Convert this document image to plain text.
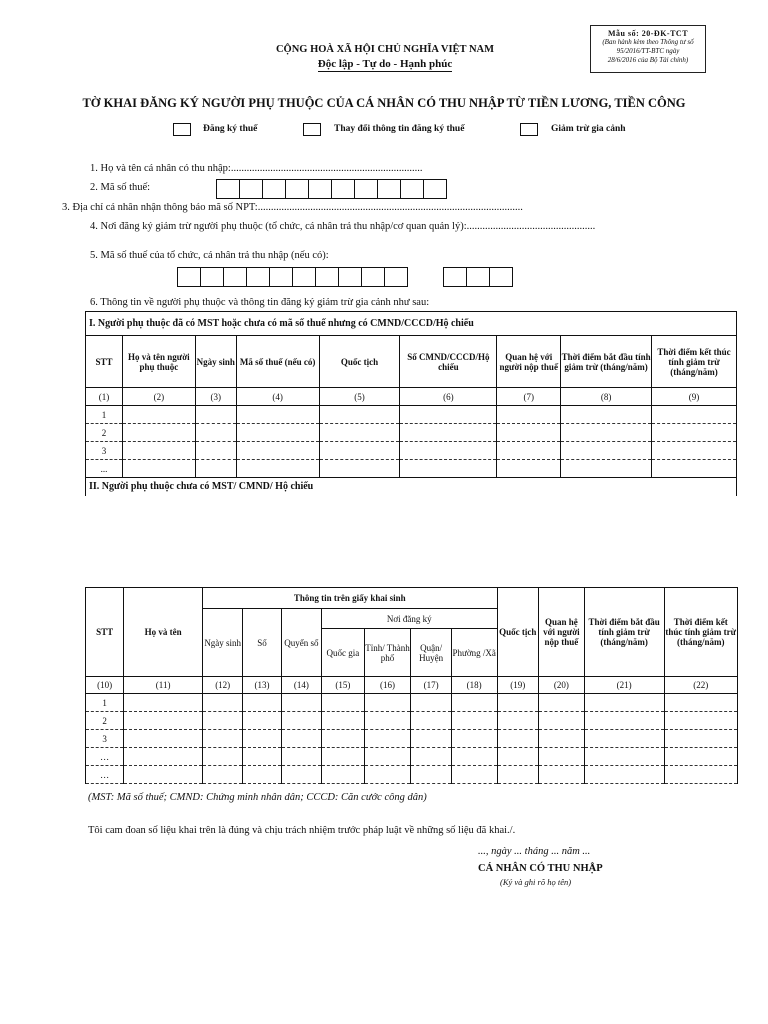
Mẫu số: 20-ĐK-TCT
(Ban hành kèm theo Thông tư số
95/2016/TT-BTC ngày
28/6/2016 của Bộ Tài chính)
CỘNG HOÀ XÃ HỘI CHỦ NGHĨA VIỆT NAM
Độc lập - Tự do - Hạnh phúc
TỜ KHAI ĐĂNG KÝ NGƯỜI PHỤ THUỘC CỦA CÁ NHÂN CÓ THU NHẬP TỪ TIỀN LƯƠNG, TIỀN CÔNG
Đăng ký thuế	Thay đổi thông tin đăng ký thuế	Giảm trừ gia cảnh
1. Họ và tên cá nhân có thu nhập:.........................................................................
2. Mã số thuế:
3. Địa chỉ cá nhân nhận thông báo mã số NPT:.....................................................................................................
4. Nơi đăng ký giảm trừ người phụ thuộc (tổ chức, cá nhân trả thu nhập/cơ quan quản lý):.................................................
5. Mã số thuế của tổ chức, cá nhân trả thu nhập (nếu có):
6. Thông tin về người phụ thuộc và thông tin đăng ký giảm trừ gia cảnh như sau:
I. Người phụ thuộc đã có MST hoặc chưa có mã số thuế nhưng có CMND/CCCD/Hộ chiếu								
STT	Họ và tên người phụ thuộc	Ngày sinh	Mã số thuế (nếu có)	Quốc tịch	Số CMND/CCCD/Hộ chiếu	Quan hệ với người nộp thuế	Thời điểm bắt đầu tính giảm trừ (tháng/năm)	Thời điểm kết thúc tính giảm trừ (tháng/năm)
(1)	(2)	(3)	(4)	(5)	(6)	(7)	(8)	(9)
1								
2								
3								
...								
II. Người phụ thuộc chưa có MST/ CMND/ Hộ chiếu								
STT	Họ và tên	Thông tin trên giấy khai sinh							Quốc tịch	Quan hệ với người nộp thuế	Thời điểm bắt đầu tính giảm trừ (tháng/năm)	Thời điểm kết thúc tính giảm trừ (tháng/năm)
		Ngày sinh	Số	Quyển số	Nơi đăng ký							
					Quốc gia	Tỉnh/ Thành phố	Quận/ Huyện	Phường /Xã				
(10)	(11)	(12)	(13)	(14)	(15)	(16)	(17)	(18)	(19)	(20)	(21)	(22)
1												
2												
3												
…												
…												
(MST: Mã số thuế; CMND: Chứng minh nhân dân; CCCD: Căn cước công dân)
Tôi cam đoan số liệu khai trên là đúng và chịu trách nhiệm trước pháp luật về những số liệu đã khai./.
..., ngày ... tháng ... năm ...
CÁ NHÂN CÓ THU NHẬP
(Ký và ghi rõ họ tên)
